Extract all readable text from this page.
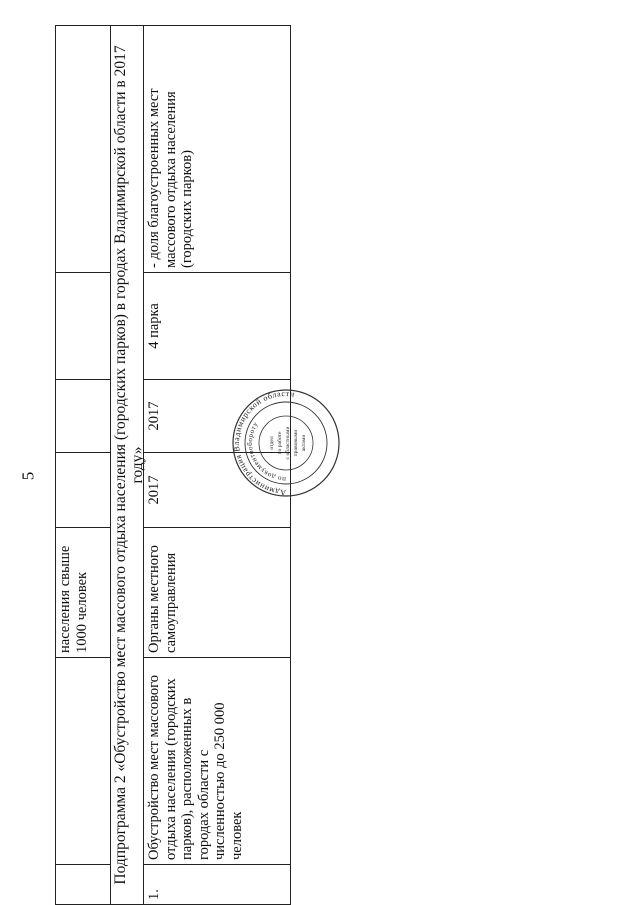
5
населения свыше 1000 человек	Подпрограмма 2 «Обустройство мест массового отдыха населения (городских парков) в городах Владимирской области в 2017 году»
1.
Обустройство мест массового отдыха населения (городских парков), расположенных в городах области с численностью до 250 000 человек
Органы местного самоуправления
2017
2017
4 парка
- доля благоустроенных мест массового отдыха населения (городских парков)
Администрация Владимирской области
по документообороту
отдел по работе с областными правовыми актами
